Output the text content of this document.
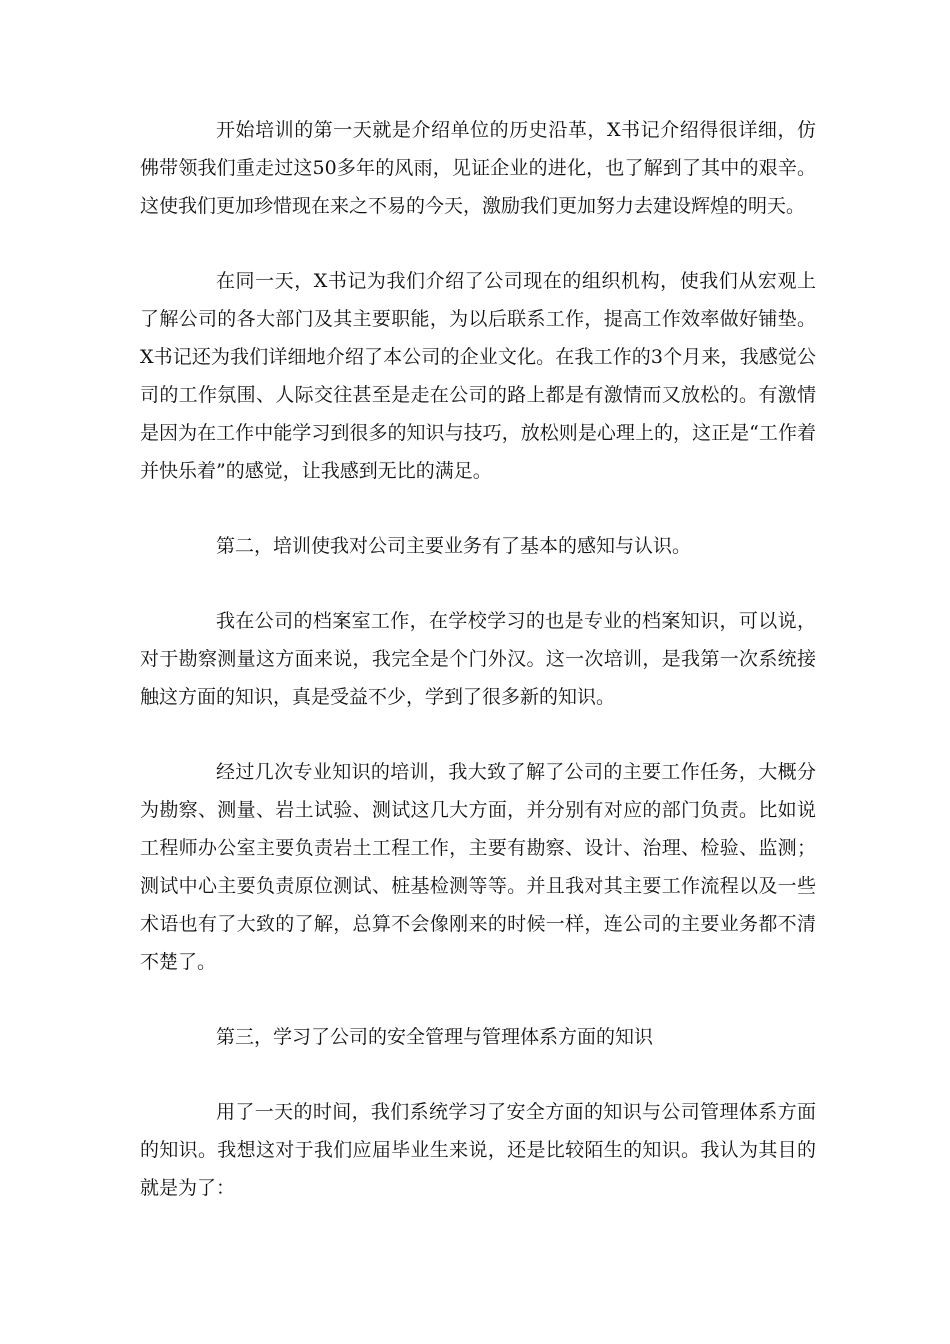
开始培训的第一天就是介绍单位的历史沿革，X书记介绍得很详细，仿佛带领我们重走过这50多年的风雨，见证企业的进化，也了解到了其中的艰辛。这使我们更加珍惜现在来之不易的今天，激励我们更加努力去建设辉煌的明天。

在同一天，X书记为我们介绍了公司现在的组织机构，使我们从宏观上了解公司的各大部门及其主要职能，为以后联系工作，提高工作效率做好铺垫。X书记还为我们详细地介绍了本公司的企业文化。在我工作的3个月来，我感觉公司的工作氛围、人际交往甚至是走在公司的路上都是有激情而又放松的。有激情是因为在工作中能学习到很多的知识与技巧，放松则是心理上的，这正是“工作着并快乐着”的感觉，让我感到无比的满足。

第二，培训使我对公司主要业务有了基本的感知与认识。

我在公司的档案室工作，在学校学习的也是专业的档案知识，可以说，对于勘察测量这方面来说，我完全是个门外汉。这一次培训，是我第一次系统接触这方面的知识，真是受益不少，学到了很多新的知识。

经过几次专业知识的培训，我大致了解了公司的主要工作任务，大概分为勘察、测量、岩土试验、测试这几大方面，并分别有对应的部门负责。比如说工程师办公室主要负责岩土工程工作，主要有勘察、设计、治理、检验、监测；测试中心主要负责原位测试、桩基检测等等。并且我对其主要工作流程以及一些术语也有了大致的了解，总算不会像刚来的时候一样，连公司的主要业务都不清不楚了。

第三，学习了公司的安全管理与管理体系方面的知识

用了一天的时间，我们系统学习了安全方面的知识与公司管理体系方面的知识。我想这对于我们应届毕业生来说，还是比较陌生的知识。我认为其目的就是为了：
